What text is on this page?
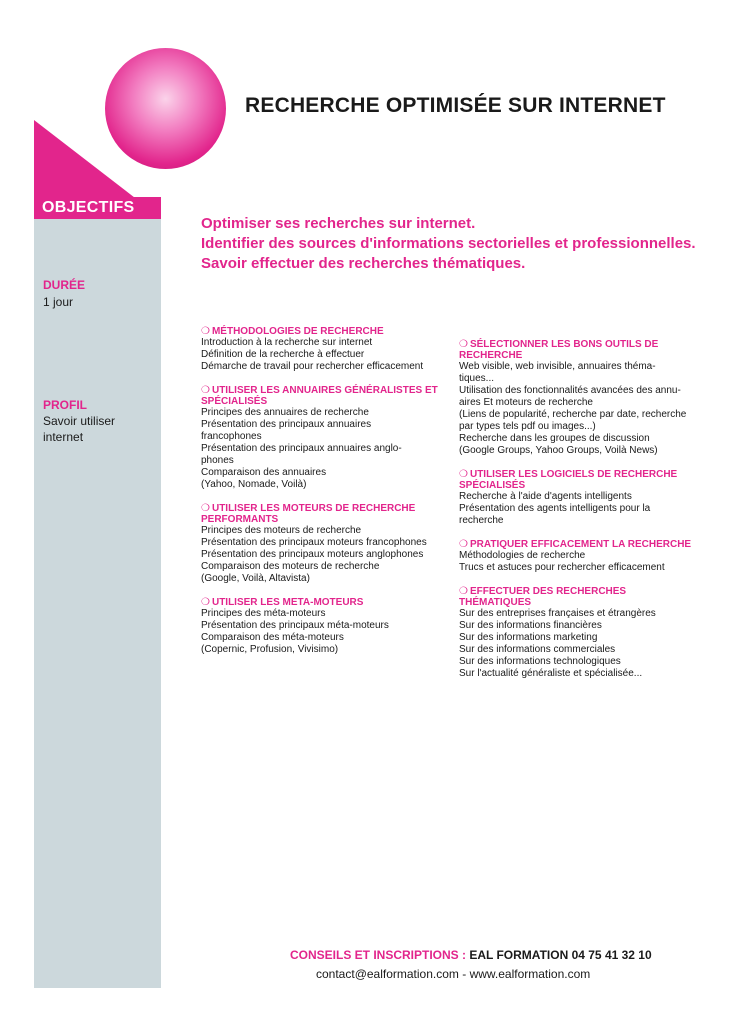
OBJECTIFS
RECHERCHE OPTIMISÉE SUR INTERNET
DURÉE
1 jour
PROFIL
Savoir utiliser
internet
Optimiser ses recherches sur internet.
Identifier des sources d'informations sectorielles et professionnelles.
Savoir effectuer des recherches thématiques.
❍ MÉTHODOLOGIES DE RECHERCHE
Introduction à la recherche sur internet
Définition de la recherche à effectuer
Démarche de travail pour rechercher efficacement
❍ UTILISER LES ANNUAIRES GÉNÉRALISTES ET
SPÉCIALISÉS
Principes des annuaires de recherche
Présentation des principaux annuaires
francophones
Présentation des principaux annuaires anglo-
phones
Comparaison des annuaires
(Yahoo, Nomade, Voilà)
❍ UTILISER LES MOTEURS DE RECHERCHE
PERFORMANTS
Principes des moteurs de recherche
Présentation des principaux moteurs francophones
Présentation des principaux moteurs anglophones
Comparaison des moteurs de recherche
(Google, Voilà, Altavista)
❍ UTILISER LES META-MOTEURS
Principes des méta-moteurs
Présentation des principaux méta-moteurs
Comparaison des méta-moteurs
(Copernic, Profusion, Vivisimo)
❍ SÉLECTIONNER LES BONS OUTILS DE
RECHERCHE
Web visible, web invisible, annuaires théma-
tiques...
Utilisation des fonctionnalités avancées des annu-
aires Et moteurs de recherche
(Liens de popularité, recherche par date, recherche
par types tels pdf ou images...)
Recherche dans les groupes de discussion
(Google Groups, Yahoo Groups, Voilà News)
❍ UTILISER LES LOGICIELS DE RECHERCHE
SPÉCIALISÉS
Recherche à l'aide d'agents intelligents
Présentation des agents intelligents pour la
recherche
❍ PRATIQUER EFFICACEMENT LA RECHERCHE
Méthodologies de recherche
Trucs et astuces pour rechercher efficacement
❍ EFFECTUER DES RECHERCHES THÉMATIQUES
Sur des entreprises françaises et étrangères
Sur des informations financières
Sur des informations marketing
Sur des informations commerciales
Sur des informations technologiques
Sur l'actualité généraliste et spécialisée...
CONSEILS ET INSCRIPTIONS : EAL FORMATION 04 75 41 32 10
contact@ealformation.com - www.ealformation.com
